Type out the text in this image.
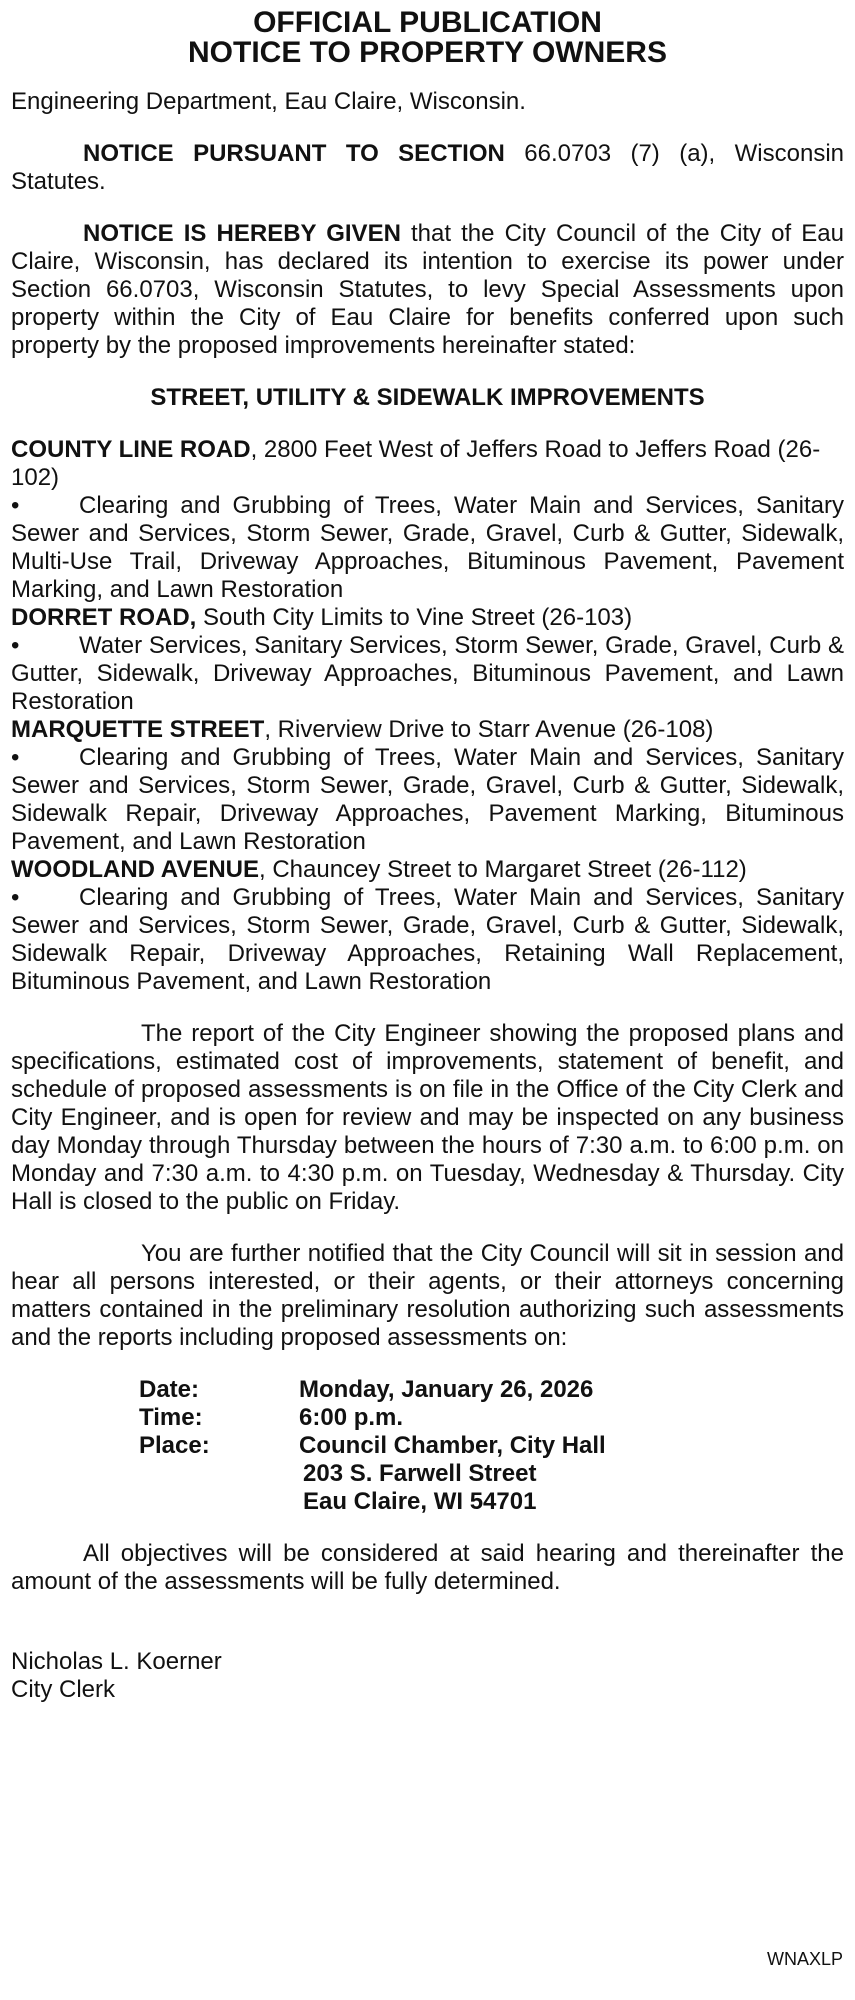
OFFICIAL PUBLICATION
NOTICE TO PROPERTY OWNERS

Engineering Department, Eau Claire, Wisconsin.

NOTICE PURSUANT TO SECTION 66.0703 (7) (a), Wisconsin Statutes.

NOTICE IS HEREBY GIVEN that the City Council of the City of Eau Claire, Wisconsin, has declared its intention to exercise its power under Section 66.0703, Wisconsin Statutes, to levy Special Assessments upon property within the City of Eau Claire for benefits conferred upon such property by the proposed improvements hereinafter stated:

STREET, UTILITY & SIDEWALK IMPROVEMENTS

COUNTY LINE ROAD, 2800 Feet West of Jeffers Road to Jeffers Road (26-102)

• Clearing and Grubbing of Trees, Water Main and Services, Sanitary Sewer and Services, Storm Sewer, Grade, Gravel, Curb & Gutter, Sidewalk, Multi-Use Trail, Driveway Approaches, Bituminous Pavement, Pavement Marking, and Lawn Restoration

DORRET ROAD, South City Limits to Vine Street (26-103)

• Water Services, Sanitary Services, Storm Sewer, Grade, Gravel, Curb & Gutter, Sidewalk, Driveway Approaches, Bituminous Pavement, and Lawn Restoration

MARQUETTE STREET, Riverview Drive to Starr Avenue (26-108)

• Clearing and Grubbing of Trees, Water Main and Services, Sanitary Sewer and Services, Storm Sewer, Grade, Gravel, Curb & Gutter, Sidewalk, Sidewalk Repair, Driveway Approaches, Pavement Marking, Bituminous Pavement, and Lawn Restoration

WOODLAND AVENUE, Chauncey Street to Margaret Street (26-112)

• Clearing and Grubbing of Trees, Water Main and Services, Sanitary Sewer and Services, Storm Sewer, Grade, Gravel, Curb & Gutter, Sidewalk, Sidewalk Repair, Driveway Approaches, Retaining Wall Replacement, Bituminous Pavement, and Lawn Restoration

The report of the City Engineer showing the proposed plans and specifications, estimated cost of improvements, statement of benefit, and schedule of proposed assessments is on file in the Office of the City Clerk and City Engineer, and is open for review and may be inspected on any business day Monday through Thursday between the hours of 7:30 a.m. to 6:00 p.m. on Monday and 7:30 a.m. to 4:30 p.m. on Tuesday, Wednesday & Thursday. City Hall is closed to the public on Friday.

You are further notified that the City Council will sit in session and hear all persons interested, or their agents, or their attorneys concerning matters contained in the preliminary resolution authorizing such assessments and the reports including proposed assessments on:

Date:	Monday, January 26, 2026
Time:	6:00 p.m.
Place:	Council Chamber, City Hall
203 S. Farwell Street
Eau Claire, WI 54701

All objectives will be considered at said hearing and thereinafter the amount of the assessments will be fully determined.

Nicholas L. Koerner

City Clerk

WNAXLP
